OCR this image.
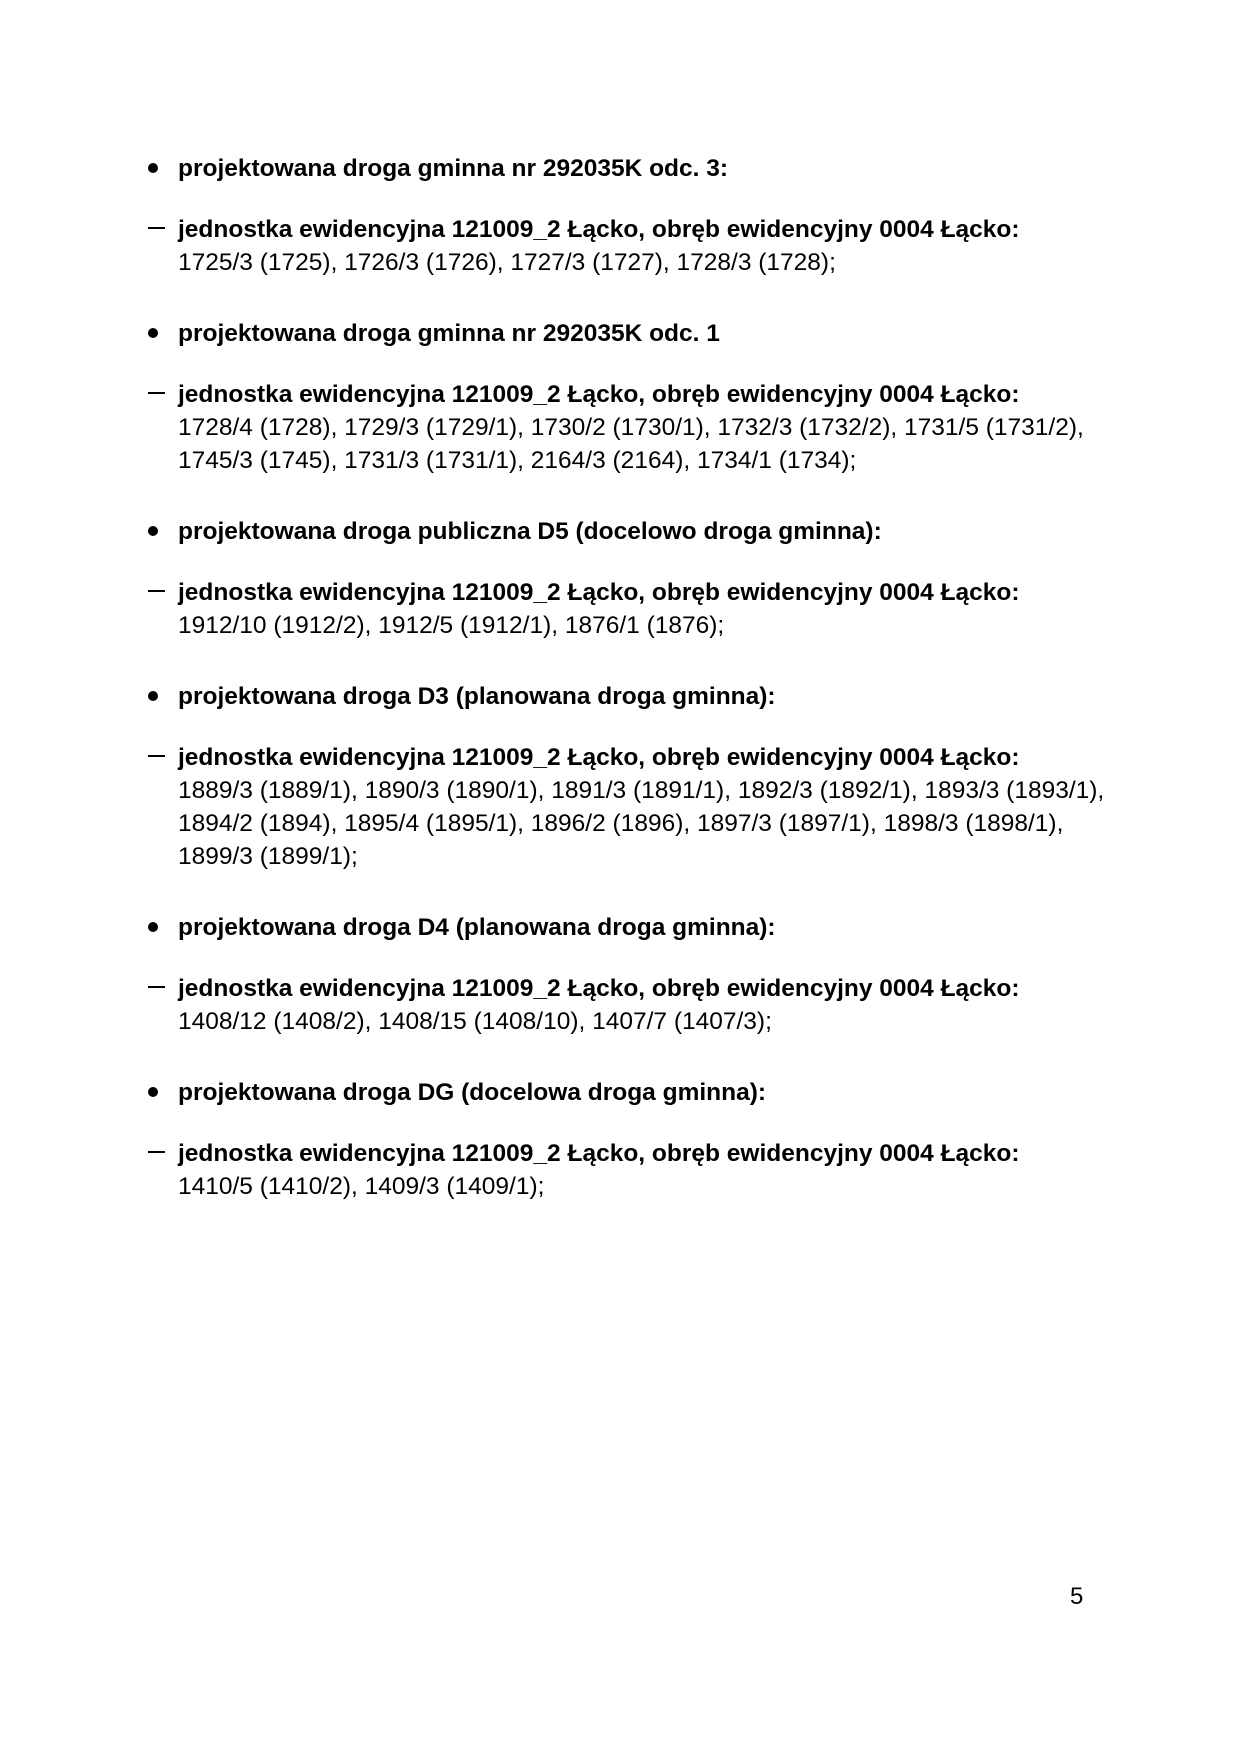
projektowana droga gminna nr 292035K odc. 3:
jednostka ewidencyjna 121009_2 Łącko, obręb ewidencyjny 0004 Łącko:
1725/3 (1725), 1726/3 (1726), 1727/3 (1727), 1728/3 (1728);
projektowana droga gminna nr 292035K odc. 1
jednostka ewidencyjna 121009_2 Łącko, obręb ewidencyjny 0004 Łącko:
1728/4 (1728), 1729/3 (1729/1), 1730/2 (1730/1), 1732/3 (1732/2), 1731/5 (1731/2), 1745/3 (1745), 1731/3 (1731/1), 2164/3 (2164), 1734/1 (1734);
projektowana droga publiczna D5 (docelowo droga gminna):
jednostka ewidencyjna 121009_2 Łącko, obręb ewidencyjny 0004 Łącko:
1912/10 (1912/2), 1912/5 (1912/1), 1876/1 (1876);
projektowana droga D3 (planowana droga gminna):
jednostka ewidencyjna 121009_2 Łącko, obręb ewidencyjny 0004 Łącko:
1889/3 (1889/1), 1890/3 (1890/1), 1891/3 (1891/1), 1892/3 (1892/1), 1893/3 (1893/1), 1894/2 (1894), 1895/4 (1895/1), 1896/2 (1896), 1897/3 (1897/1), 1898/3 (1898/1), 1899/3 (1899/1);
projektowana droga D4 (planowana droga gminna):
jednostka ewidencyjna 121009_2 Łącko, obręb ewidencyjny 0004 Łącko:
1408/12 (1408/2), 1408/15 (1408/10), 1407/7 (1407/3);
projektowana droga DG (docelowa droga gminna):
jednostka ewidencyjna 121009_2 Łącko, obręb ewidencyjny 0004 Łącko:
1410/5 (1410/2), 1409/3 (1409/1);
5
